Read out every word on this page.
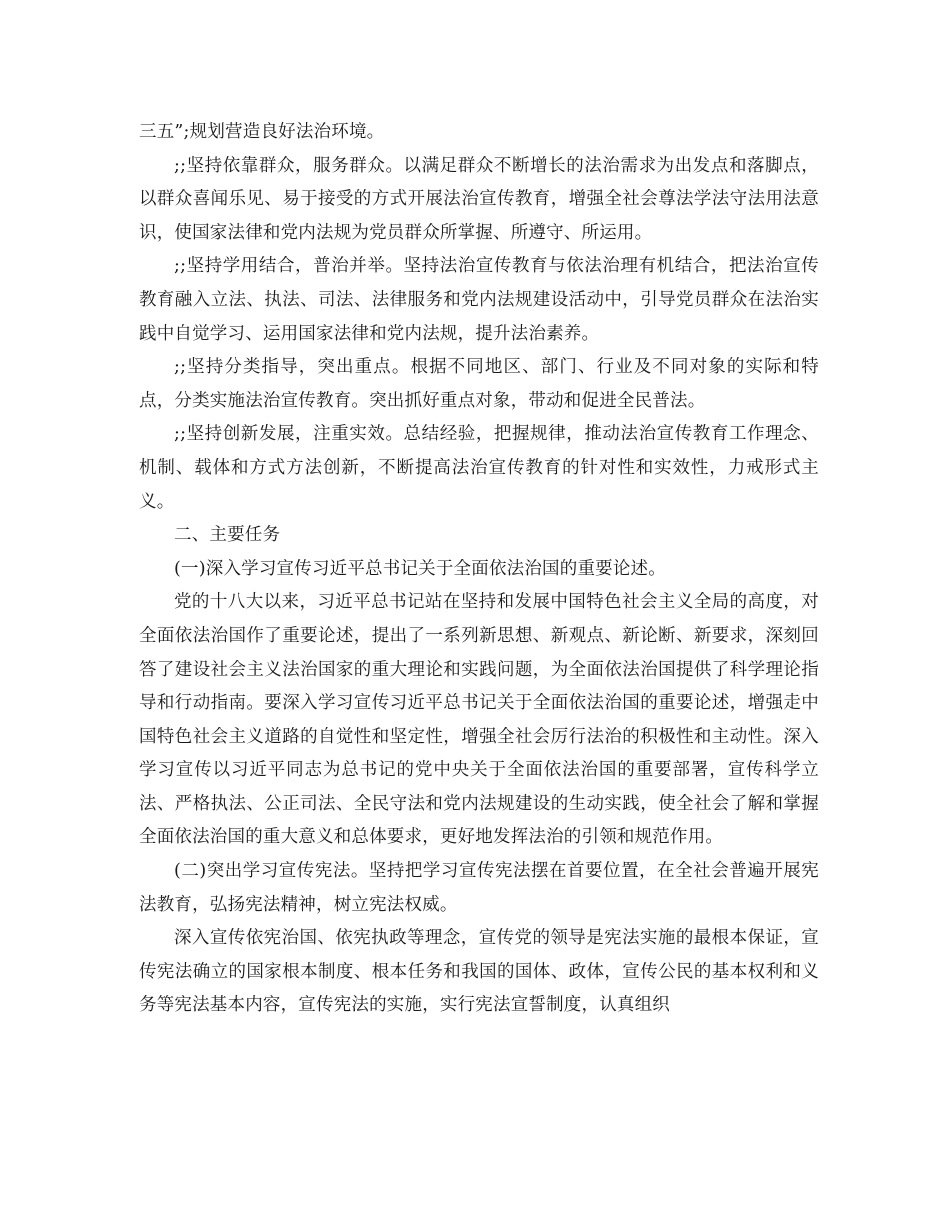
三五”;规划营造良好法治环境。

;;坚持依靠群众，服务群众。以满足群众不断增长的法治需求为出发点和落脚点，以群众喜闻乐见、易于接受的方式开展法治宣传教育，增强全社会尊法学法守法用法意识，使国家法律和党内法规为党员群众所掌握、所遵守、所运用。

;;坚持学用结合，普治并举。坚持法治宣传教育与依法治理有机结合，把法治宣传教育融入立法、执法、司法、法律服务和党内法规建设活动中，引导党员群众在法治实践中自觉学习、运用国家法律和党内法规，提升法治素养。

;;坚持分类指导，突出重点。根据不同地区、部门、行业及不同对象的实际和特点，分类实施法治宣传教育。突出抓好重点对象，带动和促进全民普法。

;;坚持创新发展，注重实效。总结经验，把握规律，推动法治宣传教育工作理念、机制、载体和方式方法创新，不断提高法治宣传教育的针对性和实效性，力戒形式主义。

二、主要任务

(一)深入学习宣传习近平总书记关于全面依法治国的重要论述。

党的十八大以来，习近平总书记站在坚持和发展中国特色社会主义全局的高度，对全面依法治国作了重要论述，提出了一系列新思想、新观点、新论断、新要求，深刻回答了建设社会主义法治国家的重大理论和实践问题，为全面依法治国提供了科学理论指导和行动指南。要深入学习宣传习近平总书记关于全面依法治国的重要论述，增强走中国特色社会主义道路的自觉性和坚定性，增强全社会厉行法治的积极性和主动性。深入学习宣传以习近平同志为总书记的党中央关于全面依法治国的重要部署，宣传科学立法、严格执法、公正司法、全民守法和党内法规建设的生动实践，使全社会了解和掌握全面依法治国的重大意义和总体要求，更好地发挥法治的引领和规范作用。

(二)突出学习宣传宪法。坚持把学习宣传宪法摆在首要位置，在全社会普遍开展宪法教育，弘扬宪法精神，树立宪法权威。

深入宣传依宪治国、依宪执政等理念，宣传党的领导是宪法实施的最根本保证，宣传宪法确立的国家根本制度、根本任务和我国的国体、政体，宣传公民的基本权利和义务等宪法基本内容，宣传宪法的实施，实行宪法宣誓制度，认真组织
